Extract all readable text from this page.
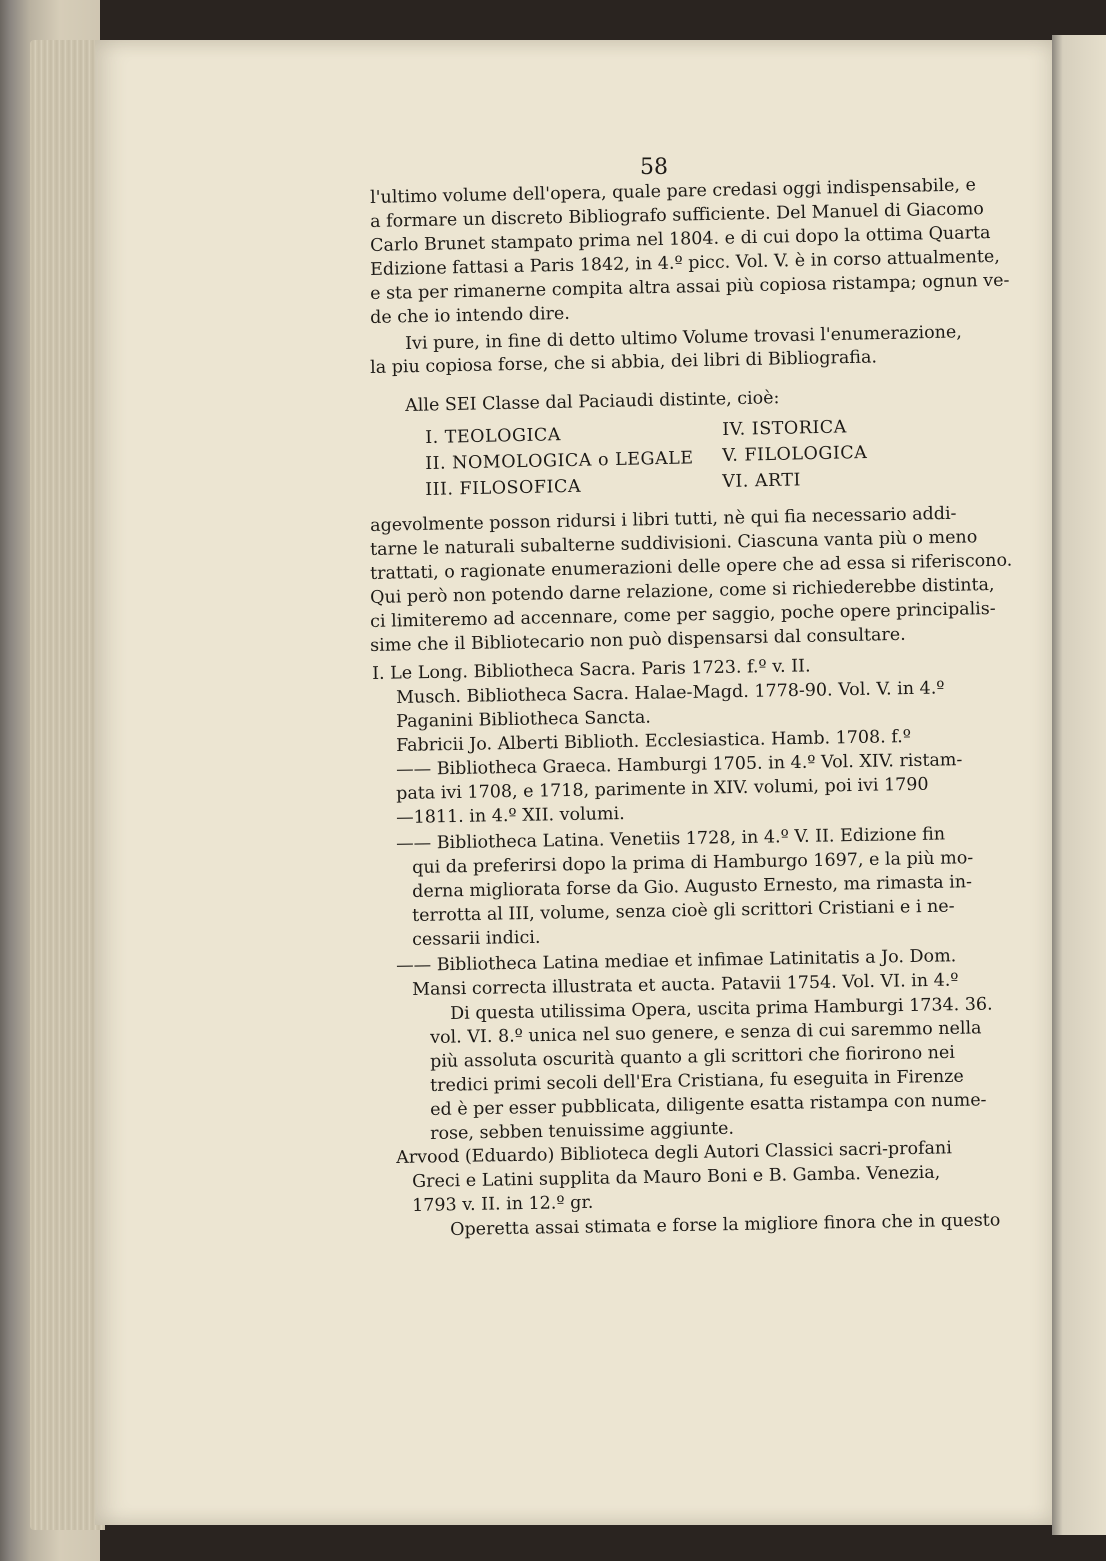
58
l'ultimo volume dell'opera, quale pare credasi oggi indispensabile, e
a formare un discreto Bibliografo sufficiente. Del Manuel di Giacomo
Carlo Brunet stampato prima nel 1804. e di cui dopo la ottima Quarta
Edizione fattasi a Paris 1842, in 4.º picc. Vol. V. è in corso attualmente,
e sta per rimanerne compita altra assai più copiosa ristampa; ognun ve-
de che io intendo dire.
Ivi pure, in fine di detto ultimo Volume trovasi l'enumerazione,
la piu copiosa forse, che si abbia, dei libri di Bibliografia.
Alle SEI Classe dal Paciaudi distinte, cioè:
I. TEOLOGICA
II. NOMOLOGICA o LEGALE
III. FILOSOFICA
IV. ISTORICA
V. FILOLOGICA
VI. ARTI
agevolmente posson ridursi i libri tutti, nè qui fia necessario addi-
tarne le naturali subalterne suddivisioni. Ciascuna vanta più o meno
trattati, o ragionate enumerazioni delle opere che ad essa si riferiscono.
Qui però non potendo darne relazione, come si richiederebbe distinta,
ci limiteremo ad accennare, come per saggio, poche opere principalis-
sime che il Bibliotecario non può dispensarsi dal consultare.
I. Le Long. Bibliotheca Sacra. Paris 1723. f.º v. II.
Musch. Bibliotheca Sacra. Halae-Magd. 1778-90. Vol. V. in 4.º
Paganini Bibliotheca Sancta.
Fabricii Jo. Alberti Biblioth. Ecclesiastica. Hamb. 1708. f.º
—— Bibliotheca Graeca. Hamburgi 1705. in 4.º Vol. XIV. ristam-
pata ivi 1708, e 1718, parimente in XIV. volumi, poi ivi 1790
—1811. in 4.º XII. volumi.
—— Bibliotheca Latina. Venetiis 1728, in 4.º V. II. Edizione fin
qui da preferirsi dopo la prima di Hamburgo 1697, e la più mo-
derna migliorata forse da Gio. Augusto Ernesto, ma rimasta in-
terrotta al III, volume, senza cioè gli scrittori Cristiani e i ne-
cessarii indici.
—— Bibliotheca Latina mediae et infimae Latinitatis a Jo. Dom.
Mansi correcta illustrata et aucta. Patavii 1754. Vol. VI. in 4.º
Di questa utilissima Opera, uscita prima Hamburgi 1734. 36.
vol. VI. 8.º unica nel suo genere, e senza di cui saremmo nella
più assoluta oscurità quanto a gli scrittori che fiorirono nei
tredici primi secoli dell'Era Cristiana, fu eseguita in Firenze
ed è per esser pubblicata, diligente esatta ristampa con nume-
rose, sebben tenuissime aggiunte.
Arvood (Eduardo) Biblioteca degli Autori Classici sacri-profani
Greci e Latini supplita da Mauro Boni e B. Gamba. Venezia,
1793 v. II. in 12.º gr.
Operetta assai stimata e forse la migliore finora che in questo
